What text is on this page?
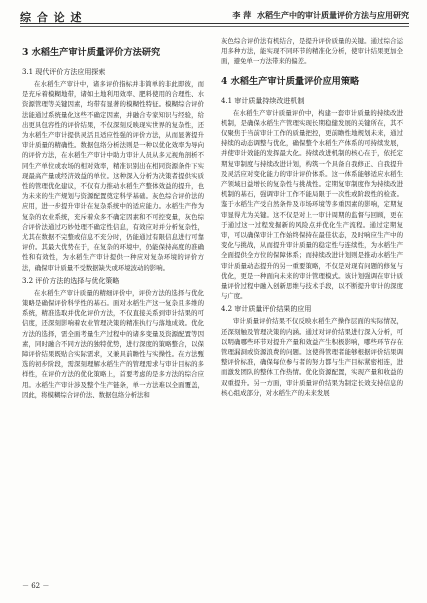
综 合 论 述	李 萍 水稻生产中的审计质量评价方法与应用研究
3 水稻生产审计质量评价方法研究
3.1 现代评价方法应用探索

在水稻生产审计中，诸多评价指标并非简单的非此即彼，而是充斥着模糊地带，诸如土地利用效率、肥料使用的合理性、水资源管理等关键因素，均带有显著的模糊性特征。模糊综合评价法能通过系统量化这些不确定因素，并融合专家知识与经验，给出更具包容性的评价结果，不仅深刻反映现实世界的复杂性，还为水稻生产审计提供灵活且适应性强的评价方法，从而显著提升审计质量的精确性。数据包络分析法则是一种以优化效率为导向的评价方法，在水稻生产审计中助力审计人员从多元视角剖析不同生产单位或农场的相对效率，精准识别出在相同资源条件下实现最高产量或经济效益的单位。这种深入分析为决策者提供实质性的管理优化建议，不仅有力推动水稻生产整体效益的提升，也为未来的生产规划与资源配置奠定科学基础。灰色综合评价法的应用，进一步提升审计在复杂系统中的适应能力。水稻生产作为复杂的农业系统，充斥着众多不确定因素和不可控变量，灰色综合评价法通过巧妙处理不确定性信息，有效应对并分析复杂性，尤其在数据不完整或信息不充分时，仍能通过有限信息进行可靠评价。其最大优势在于，在复杂的环境中，仍能保持高度的准确性和有效性，为水稻生产审计提供一种应对复杂环境的评价方法，确保审计质量不受数据缺失或环境波动的影响。

3.2 评价方法的选择与优化策略

在水稻生产审计质量的精细评价中，评价方法的选择与优化策略是确保评价科学性的基石。面对水稻生产这一复杂且多维的系统，精准选取并优化评价方法，不仅直接关系到审计结果的可信度，还深刻影响着农业管理决策的精准执行与落地成效。优化方法的选择，需全面考量生产过程中的诸多变量及资源配置等因素，同时融合不同方法的独特优势，进行深度的策略整合，以保障评价结果既贴合实际需求，又兼具前瞻性与实操性。在方法甄选的初步阶段，需深刻理解水稻生产的管理需求与审计目标的多样性，在评价方法的优化策略上，首要考虑的是多方法的综合应用。水稻生产审计涉及整个生产链条，单一方法难以全面覆盖，因此，将模糊综合评价法、数据包络分析法和

灰色综合评价法有机结合，是提升评价质量的关键。通过综合运用多种方法，能实现不同环节的精准化分析，使审计结果更加全面，避免单一方法带来的偏差。

4 水稻生产审计质量评价应用策略
4.1 审计质量持续改进机制

在水稻生产审计质量评价中，构建一套审计质量的持续改进机制，是确保水稻生产管理实现长期稳健发展的关键所在，其不仅聚焦于当前审计工作的质量把控，更前瞻性地规划未来，通过持续的动态调整与优化，确保整个水稻生产体系的可持续发展，并使审计效能的发挥最大化。持续改进机制的核心在于，依托定期复审制度与持续改进计划，构筑一个具备自我修正、自我提升及灵活应对变化能力的审计评价体系。这一体系能够适应水稻生产领域日益增长的复杂性与挑战性。定期复审制度作为持续改进机制的基石，强调审计工作不能局限于一次性或阶段性的检查。鉴于水稻生产受自然条件及市场环境等多重因素的影响，定期复审显得尤为关键。这不仅是对上一审计周期的监督与回顾，更在于通过这一过程发掘新的风险点并优化生产流程。通过定期复审，可以确保审计工作始终保持在最佳状态，及时响应生产中的变化与挑战，从而提升审计质量的稳定性与连续性，为水稻生产全面提供全方位的保障体系；而持续改进计划则是推动水稻生产审计质量动态提升的另一重要策略，不仅是对现有问题的修复与优化，更是一种面向未来的审计管理模式。该计划强调在审计质量评价过程中融入创新思维与技术手段，以不断提升审计的深度与广度。

4.2 审计质量评价结果的应用

审计质量评价结果不仅反映水稻生产操作层面的实际情况，还深刻触及管理决策的内涵。通过对评价结果进行深入分析，可以明确哪些环节对提升产量和效益产生积极影响，哪些环节存在管理漏洞或资源浪费的问题。这使得管理者能够根据评价结果调整评价标准，确保每位参与者的努力都与生产目标紧密相连，进而激发团队的整体工作热情。优化资源配置，实现产量和收益的双重提升。另一方面，审计质量评价结果为制定长效支持信息的核心组成部分，对水稻生产的未来发展

－ 62 －
